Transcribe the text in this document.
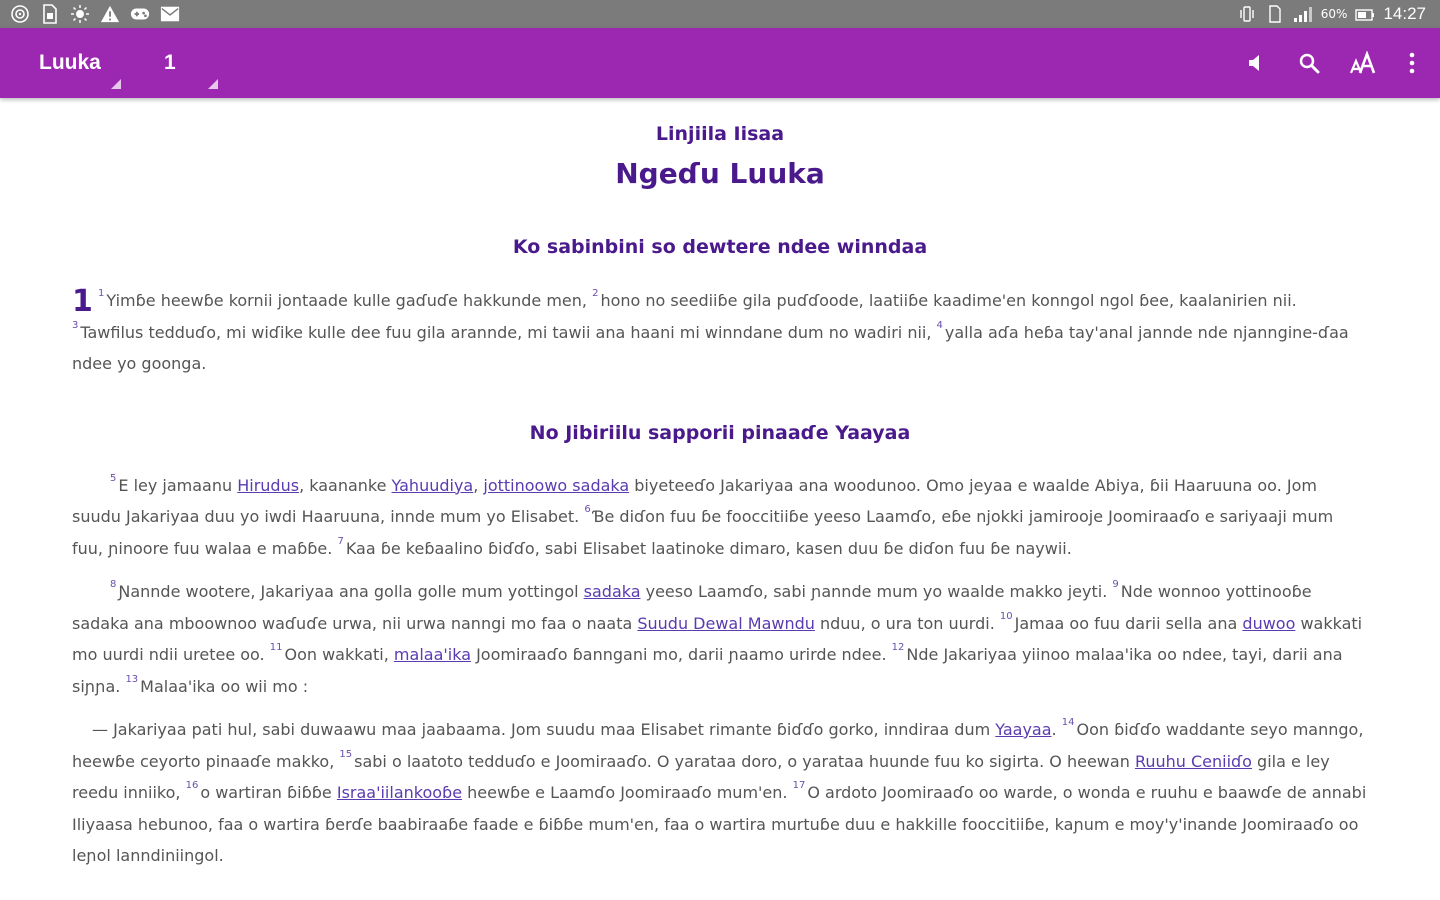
60% 14:27
Luuka	1
Linjiila Iisaa
Ngeɗu Luuka
Ko sabinbini so dewtere ndee winndaa

1 $^1$ Yimɓe heewɓe kornii jontaade kulle gaɗuɗe hakkunde men, $^2$ hono no seediiɓe gila puɗɗoode, laatiiɓe kaadime'en konngol ngol ɓee, kaalanirien nii. $^3$ Tawfilus tedduɗo, mi wiɗike kulle dee fuu gila arannde, mi tawii ana haani mi winndane dum no wadiri nii, $^4$ yalla aɗa heɓa tay'anal jannde nde njanngine-ɗaa ndee yo goonga.

No Jibiriilu sapporii pinaaɗe Yaayaa

$^5$ E ley jamaanu Hirudus, kaananke Yahuudiya, jottinoowo sadaka biyeteeɗo Jakariyaa ana woodunoo. Omo jeyaa e waalde Abiya, ɓii Haaruuna oo. Jom suudu Jakariyaa duu yo iwdi Haaruuna, innde mum yo Elisabet. $^6$ Ɓe diɗon fuu ɓe fooccitiiɓe yeeso Laamɗo, eɓe njokki jamirooje Joomiraaɗo e sariyaaji mum fuu, ɲinoore fuu walaa e maɓɓe. $^7$ Kaa ɓe keɓaalino ɓiɗɗo, sabi Elisabet laatinoke dimaro, kasen duu ɓe diɗon fuu ɓe naywii.

$^8$ Ɲannde wootere, Jakariyaa ana golla golle mum yottingol sadaka yeeso Laamɗo, sabi ɲannde mum yo waalde makko jeyti. $^9$ Nde wonnoo yottinooɓe sadaka ana mboownoo waɗuɗe urwa, nii urwa nanngi mo faa o naata Suudu Dewal Mawndu nduu, o ura ton uurdi. $^{10}$ Jamaa oo fuu darii sella ana duwoo wakkati mo uurdi ndii uretee oo. $^{11}$ Oon wakkati, malaa'ika Joomiraaɗo ɓanngani mo, darii ɲaamo urirde ndee. $^{12}$ Nde Jakariyaa yiinoo malaa'ika oo ndee, tayi, darii ana siɲɲa. $^{13}$ Malaa'ika oo wii mo :

— Jakariyaa pati hul, sabi duwaawu maa jaabaama. Jom suudu maa Elisabet rimante ɓiɗɗo gorko, inndiraa dum Yaayaa. $^{14}$ Oon ɓiɗɗo waddante seyo manngo, heewɓe ceyorto pinaaɗe makko, $^{15}$ sabi o laatoto tedduɗo e Joomiraaɗo. O yarataa doro, o yarataa huunde fuu ko sigirta. O heewan Ruuhu Ceniiɗo gila e ley reedu inniiko, $^{16}$ o wartiran ɓiɓɓe Israa'iilankooɓe heewɓe e Laamɗo Joomiraaɗo mum'en. $^{17}$ O ardoto Joomiraaɗo oo warde, o wonda e ruuhu e baawɗe de annabi Iliyaasa hebunoo, faa o wartira ɓerɗe baabiraaɓe faade e ɓiɓɓe mum'en, faa o wartira murtuɓe duu e hakkille fooccitiiɓe, kaɲum e moy'y'inande Joomiraaɗo oo leɲol lanndiniingol.
